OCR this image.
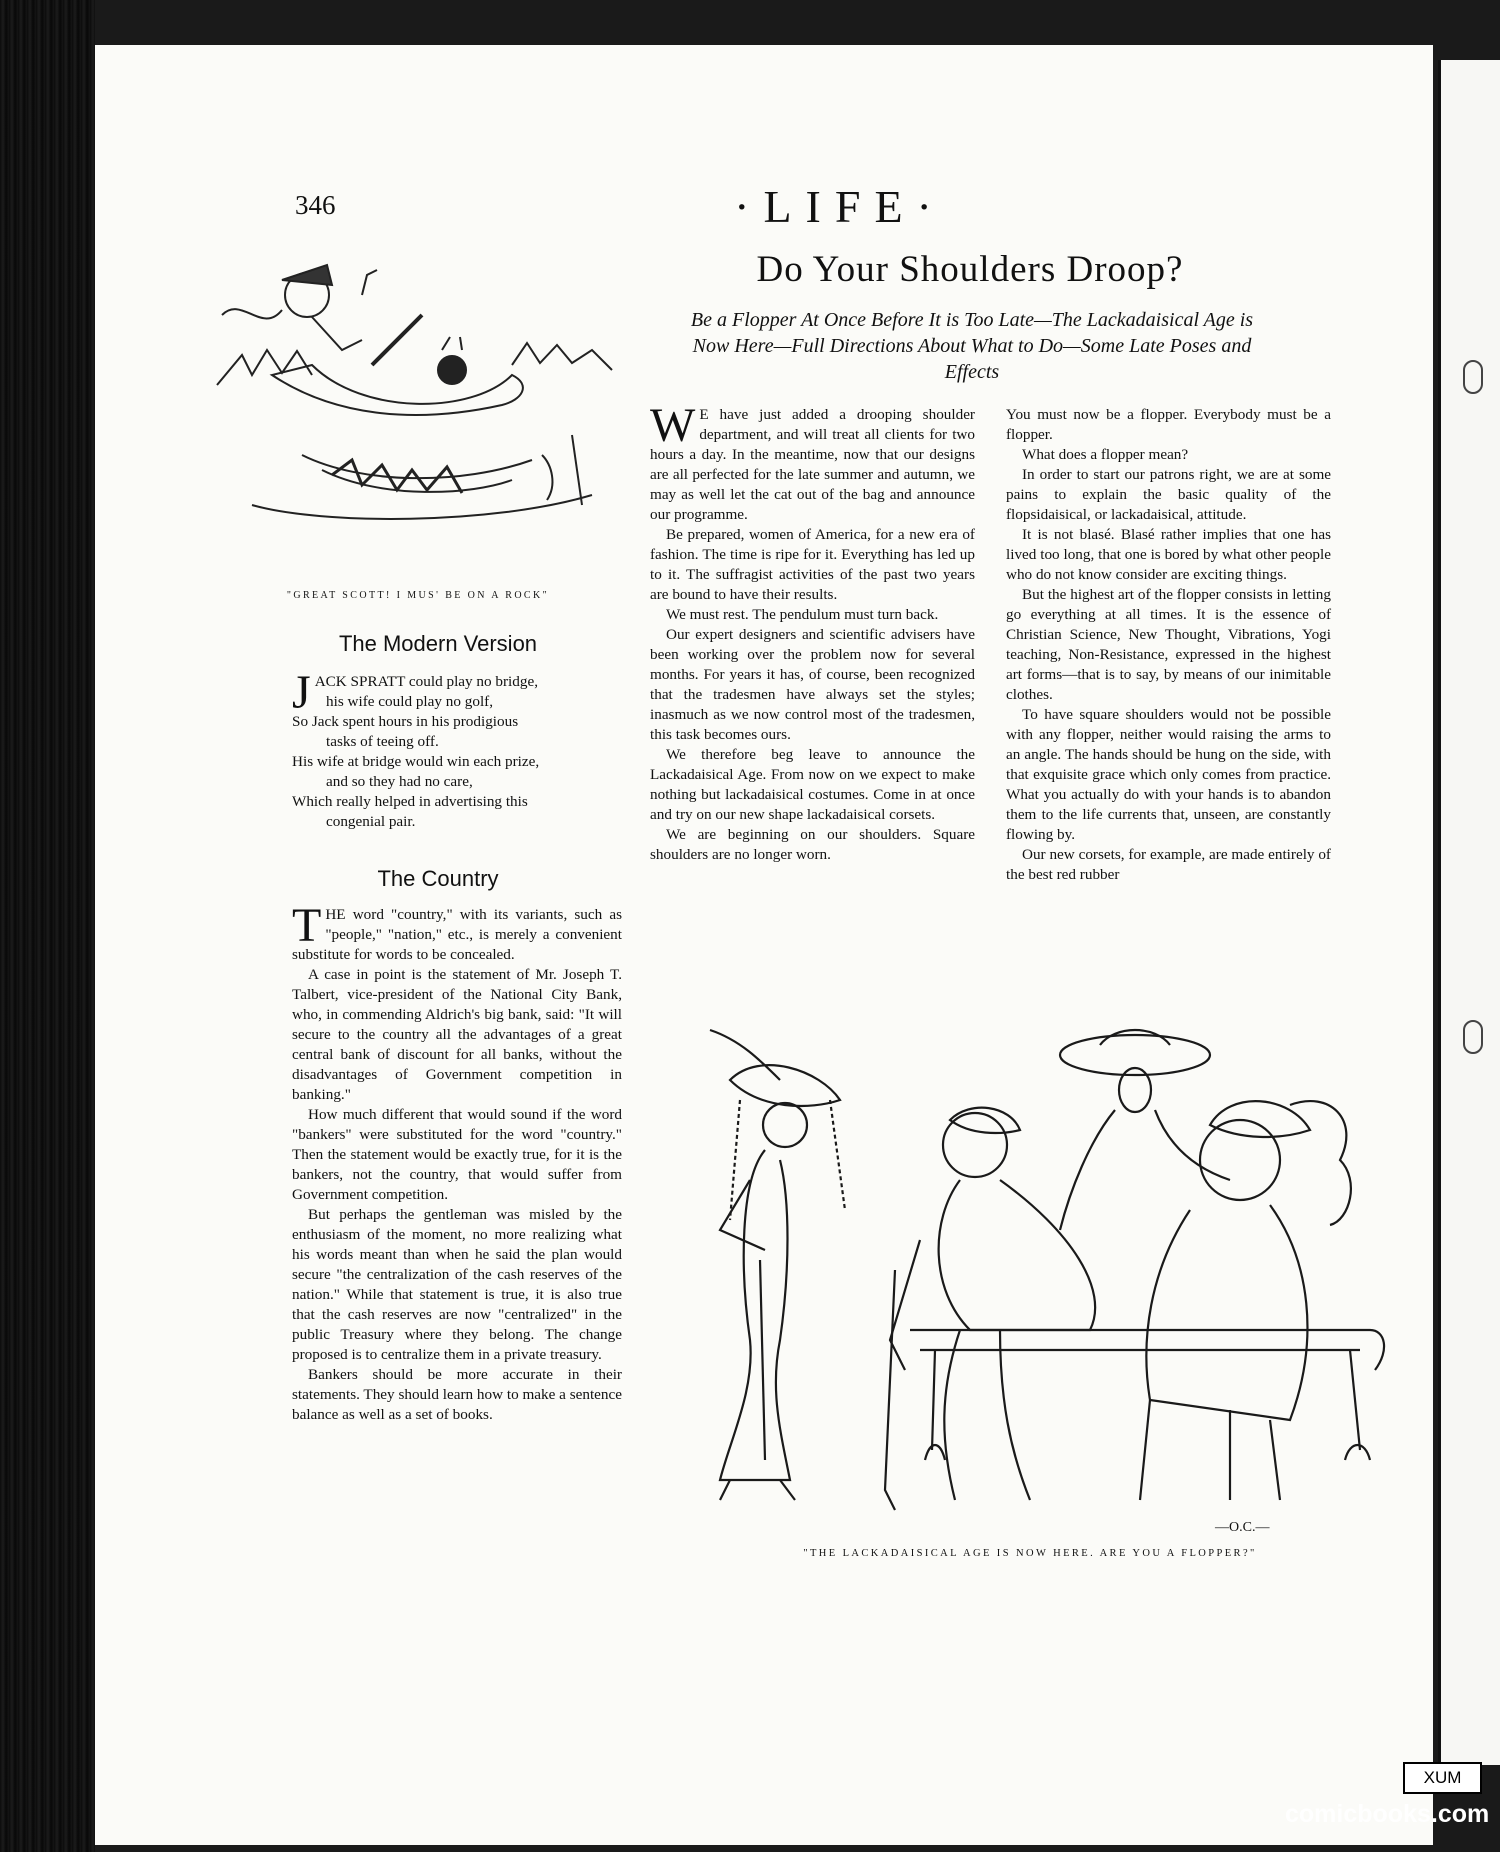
346	·LIFE·
Do Your Shoulders Droop?
Be a Flopper At Once Before It is Too Late—The Lackadaisical Age is Now Here—Full Directions About What to Do—Some Late Poses and Effects
"GREAT SCOTT! I MUS' BE ON A ROCK"
The Modern Version
J ACK SPRATT could play no bridge,
his wife could play no golf,
So Jack spent hours in his prodigious
tasks of teeing off.
His wife at bridge would win each prize,
and so they had no care,
Which really helped in advertising this
congenial pair.
The Country

THE word "country," with its variants, such as "people," "nation," etc., is merely a convenient substitute for words to be concealed.

A case in point is the statement of Mr. Joseph T. Talbert, vice-president of the National City Bank, who, in commending Aldrich's big bank, said: "It will secure to the country all the advantages of a great central bank of discount for all banks, without the disadvantages of Government competition in banking."

How much different that would sound if the word "bankers" were substituted for the word "country." Then the statement would be exactly true, for it is the bankers, not the country, that would suffer from Government competition.

But perhaps the gentleman was misled by the enthusiasm of the moment, no more realizing what his words meant than when he said the plan would secure "the centralization of the cash reserves of the nation." While that statement is true, it is also true that the cash reserves are now "centralized" in the public Treasury where they belong. The change proposed is to centralize them in a private treasury.

Bankers should be more accurate in their statements. They should learn how to make a sentence balance as well as a set of books.

W E have just added a drooping shoulder department, and will treat all clients for two hours a day. In the meantime, now that our designs are all perfected for the late summer and autumn, we may as well let the cat out of the bag and announce our programme.

Be prepared, women of America, for a new era of fashion. The time is ripe for it. Everything has led up to it. The suffragist activities of the past two years are bound to have their results.

We must rest. The pendulum must turn back.

Our expert designers and scientific advisers have been working over the problem now for several months. For years it has, of course, been recognized that the tradesmen have always set the styles; inasmuch as we now control most of the tradesmen, this task becomes ours.

We therefore beg leave to announce the Lackadaisical Age. From now on we expect to make nothing but lackadaisical costumes. Come in at once and try on our new shape lackadaisical corsets.

We are beginning on our shoulders. Square shoulders are no longer worn.

You must now be a flopper. Everybody must be a flopper.

What does a flopper mean?

In order to start our patrons right, we are at some pains to explain the basic quality of the flopsidaisical, or lackadaisical, attitude.

It is not blasé. Blasé rather implies that one has lived too long, that one is bored by what other people who do not know consider are exciting things.

But the highest art of the flopper consists in letting go everything at all times. It is the essence of Christian Science, New Thought, Vibrations, Yogi teaching, Non-Resistance, expressed in the highest art forms—that is to say, by means of our inimitable clothes.

To have square shoulders would not be possible with any flopper, neither would raising the arms to an angle. The hands should be hung on the side, with that exquisite grace which only comes from practice. What you actually do with your hands is to abandon them to the life currents that, unseen, are constantly flowing by.

Our new corsets, for example, are made entirely of the best red rubber

—O.C.—
"THE LACKADAISICAL AGE IS NOW HERE. ARE YOU A FLOPPER?"
XUM
comicbooks.com
